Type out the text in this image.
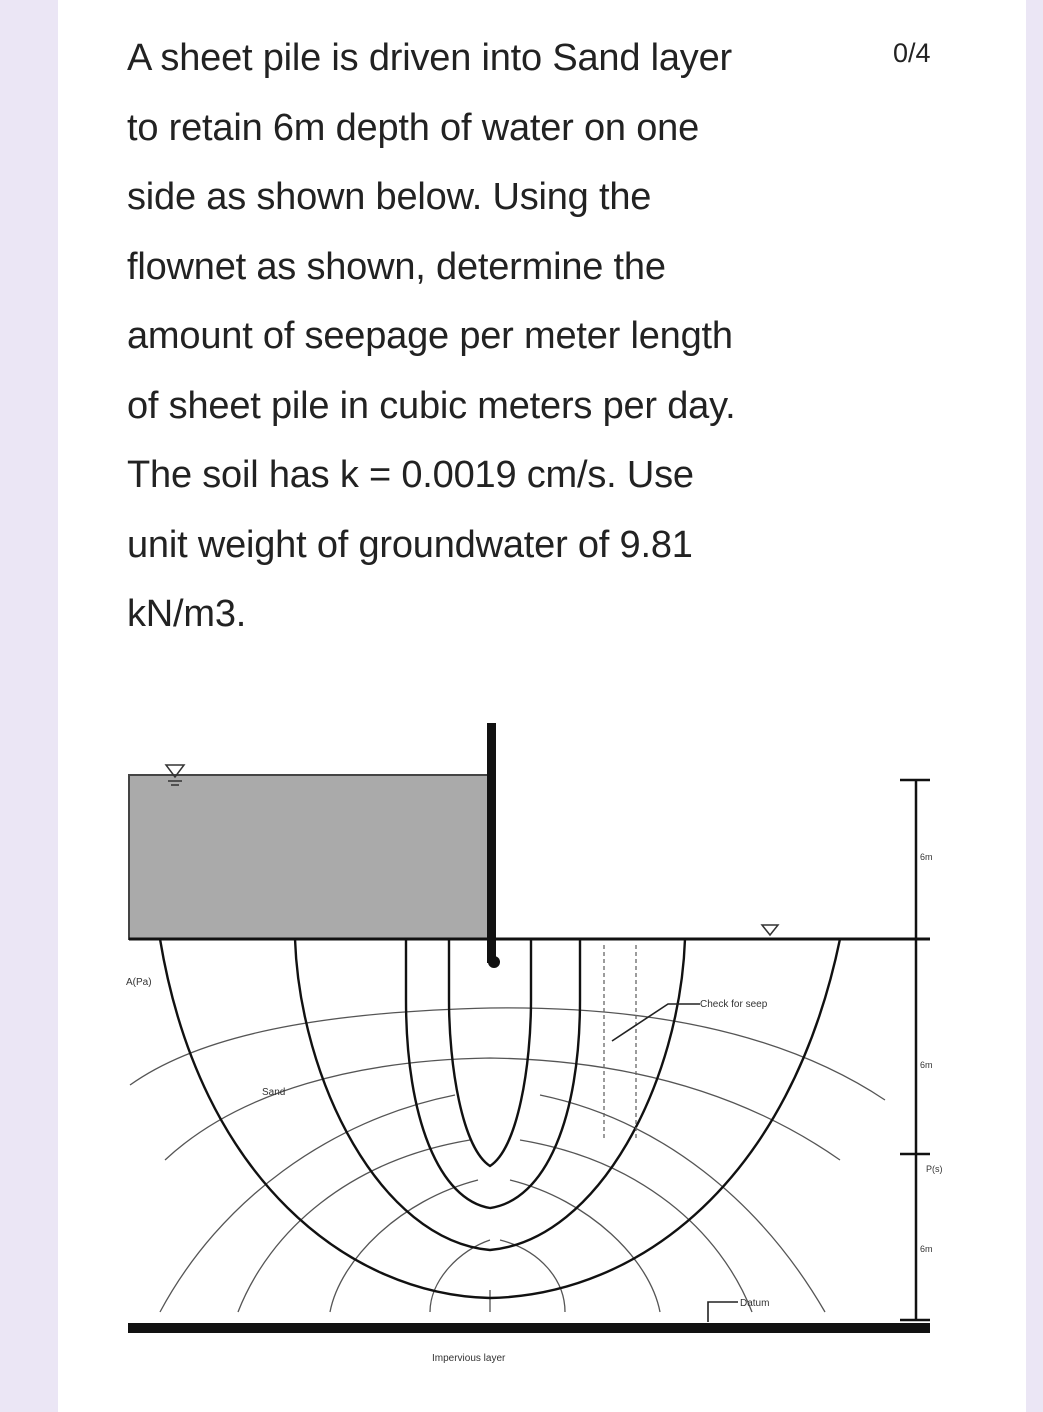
A sheet pile is driven into Sand layer
to retain 6m depth of water on one
side as shown below. Using the
flownet as shown, determine the
amount of seepage per meter length
of sheet pile in cubic meters per day.
The soil has k = 0.0019 cm/s. Use
unit weight of groundwater of 9.81
kN/m3.
0/4
Sand
A(Pa)
Check for seep
Datum
Impervious layer
6m
6m
P(s)
6m
